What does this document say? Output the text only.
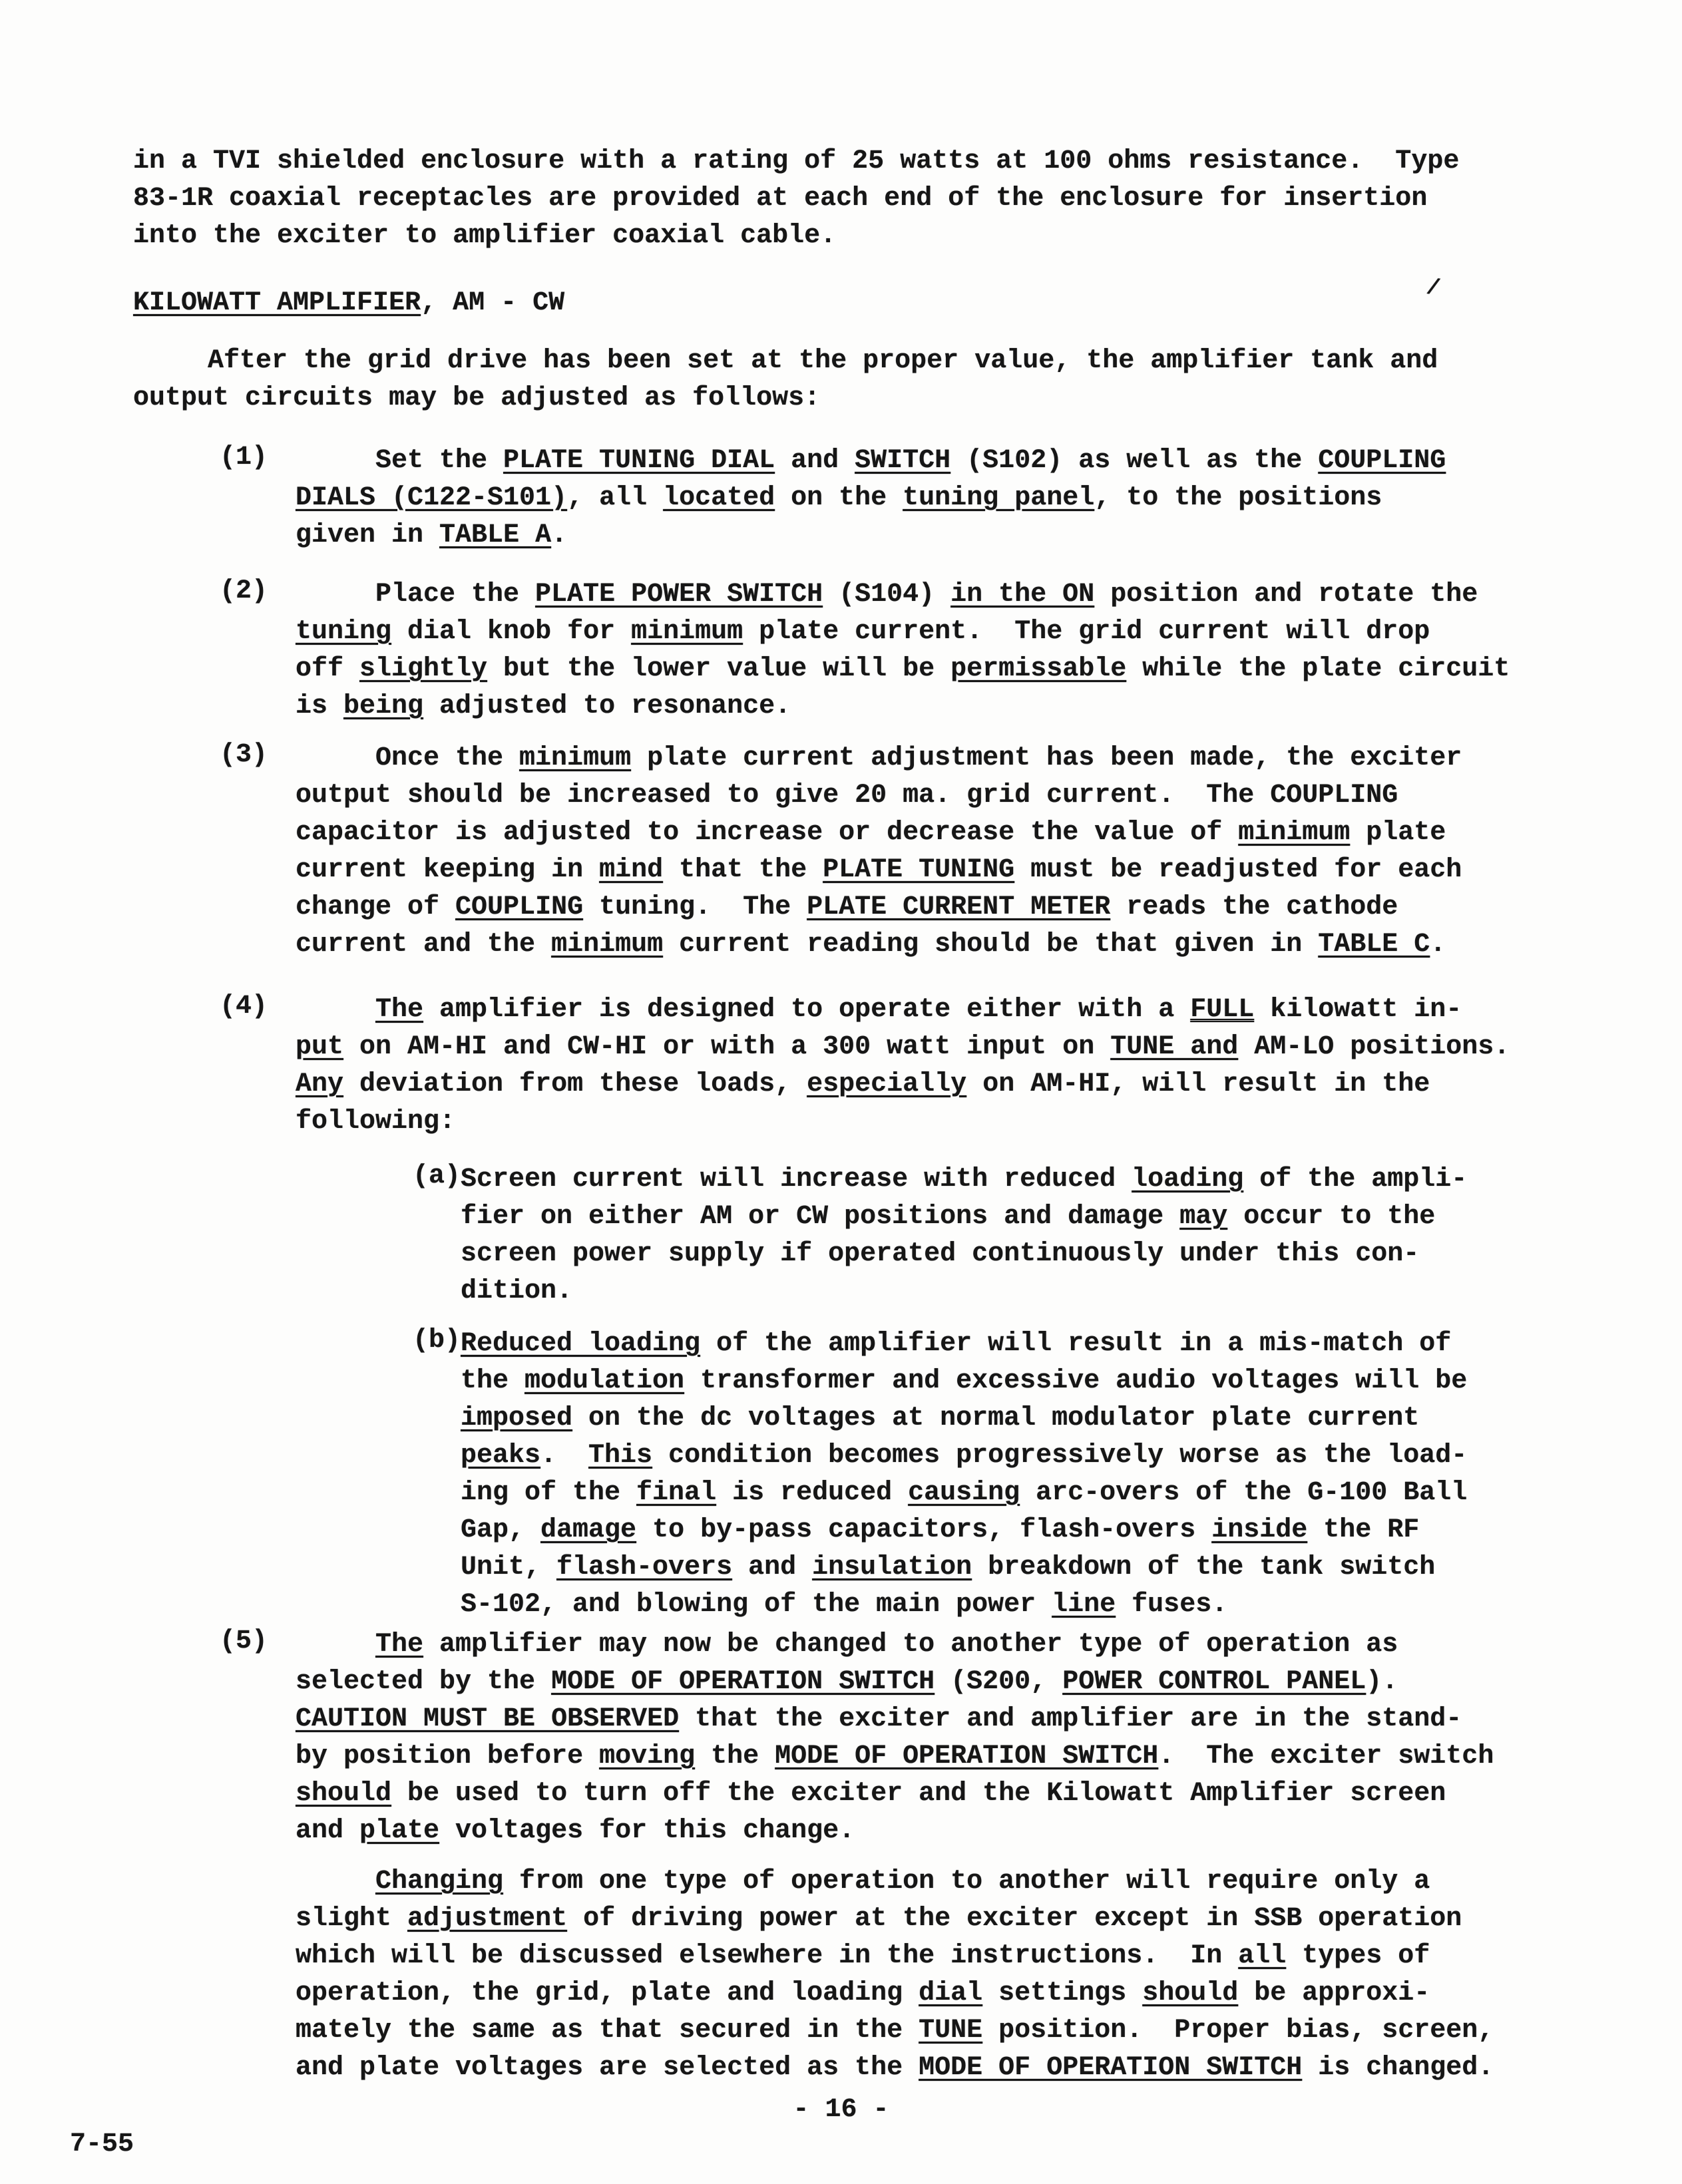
in a TVI shielded enclosure with a rating of 25 watts at 100 ohms resistance.  Type
83-1R coaxial receptacles are provided at each end of the enclosure for insertion
into the exciter to amplifier coaxial cable.
KILOWATT AMPLIFIER, AM - CW
After the grid drive has been set at the proper value, the amplifier tank and
output circuits may be adjusted as follows:
(1)	Set the PLATE TUNING DIAL and SWITCH (S102) as well as the COUPLING
DIALS (C122-S101), all located on the tuning panel, to the positions
given in TABLE A.
(2)	Place the PLATE POWER SWITCH (S104) in the ON position and rotate the
tuning dial knob for minimum plate current.  The grid current will drop
off slightly but the lower value will be permissable while the plate circuit
is being adjusted to resonance.
(3)	Once the minimum plate current adjustment has been made, the exciter
output should be increased to give 20 ma. grid current.  The COUPLING
capacitor is adjusted to increase or decrease the value of minimum plate
current keeping in mind that the PLATE TUNING must be readjusted for each
change of COUPLING tuning.  The PLATE CURRENT METER reads the cathode
current and the minimum current reading should be that given in TABLE C.
(4)	The amplifier is designed to operate either with a FULL kilowatt in-
put on AM-HI and CW-HI or with a 300 watt input on TUNE and AM-LO positions.
Any deviation from these loads, especially on AM-HI, will result in the
following:
(a) Screen current will increase with reduced loading of the ampli-
fier on either AM or CW positions and damage may occur to the
screen power supply if operated continuously under this con-
dition.
(b) Reduced loading of the amplifier will result in a mis-match of
the modulation transformer and excessive audio voltages will be
imposed on the dc voltages at normal modulator plate current
peaks.  This condition becomes progressively worse as the load-
ing of the final is reduced causing arc-overs of the G-100 Ball
Gap, damage to by-pass capacitors, flash-overs inside the RF
Unit, flash-overs and insulation breakdown of the tank switch
S-102, and blowing of the main power line fuses.
(5)	The amplifier may now be changed to another type of operation as
selected by the MODE OF OPERATION SWITCH (S200, POWER CONTROL PANEL).
CAUTION MUST BE OBSERVED that the exciter and amplifier are in the stand-
by position before moving the MODE OF OPERATION SWITCH.  The exciter switch
should be used to turn off the exciter and the Kilowatt Amplifier screen
and plate voltages for this change.
Changing from one type of operation to another will require only a
slight adjustment of driving power at the exciter except in SSB operation
which will be discussed elsewhere in the instructions.  In all types of
operation, the grid, plate and loading dial settings should be approxi-
mately the same as that secured in the TUNE position.  Proper bias, screen,
and plate voltages are selected as the MODE OF OPERATION SWITCH is changed.
/
- 16 -
7-55
